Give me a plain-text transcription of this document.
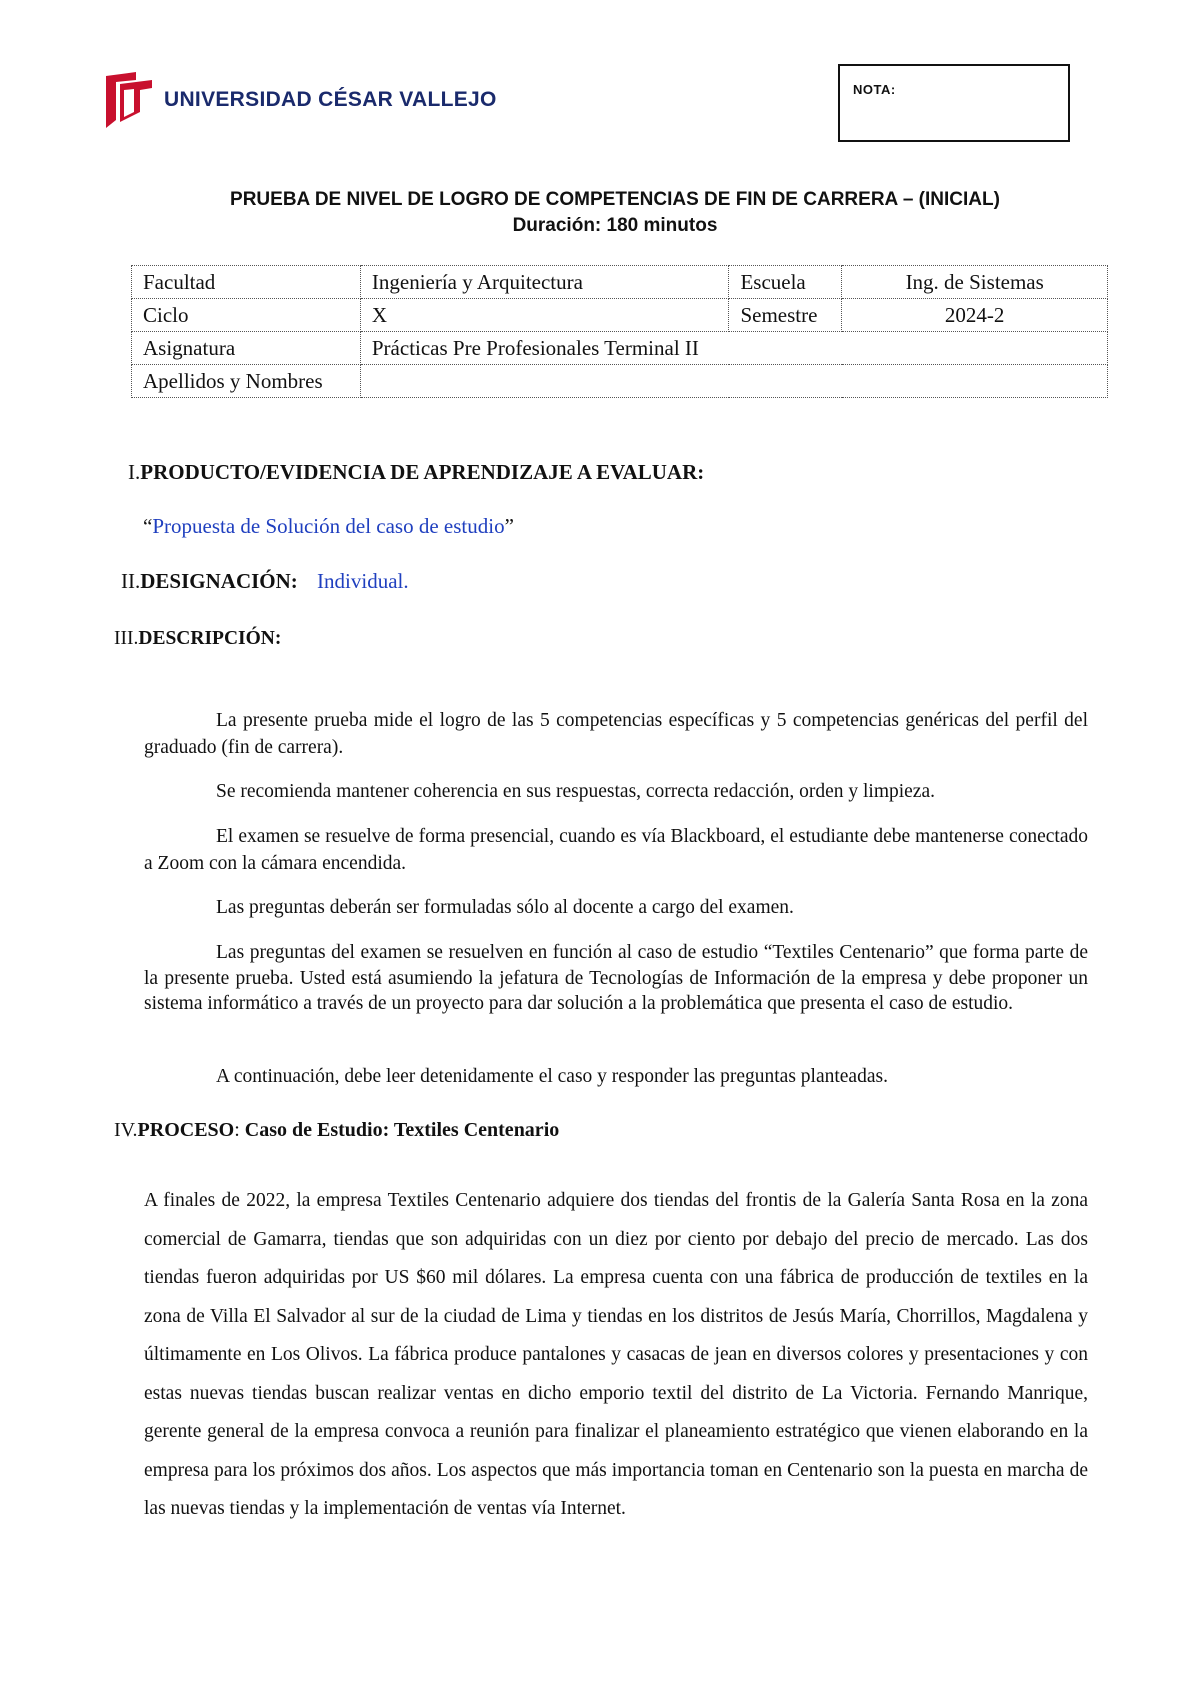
UNIVERSIDAD CÉSAR VALLEJO	NOTA:
PRUEBA DE NIVEL DE LOGRO DE COMPETENCIAS DE FIN DE CARRERA – (INICIAL)
Duración: 180 minutos
Facultad	Ingeniería y Arquitectura	Escuela	Ing. de Sistemas
Ciclo	X	Semestre	2024-2
Asignatura	Prácticas Pre Profesionales Terminal II		
Apellidos y Nombres			
I.PRODUCTO/EVIDENCIA DE APRENDIZAJE A EVALUAR:
“Propuesta de Solución del caso de estudio”
II.DESIGNACIÓN: Individual.
III.DESCRIPCIÓN:
La presente prueba mide el logro de las 5 competencias específicas y 5 competencias genéricas del perfil del graduado (fin de carrera).
Se recomienda mantener coherencia en sus respuestas, correcta redacción, orden y limpieza.
El examen se resuelve de forma presencial, cuando es vía Blackboard, el estudiante debe mantenerse conectado a Zoom con la cámara encendida.
Las preguntas deberán ser formuladas sólo al docente a cargo del examen.
Las preguntas del examen se resuelven en función al caso de estudio “Textiles Centenario” que forma parte de la presente prueba. Usted está asumiendo la jefatura de Tecnologías de Información de la empresa y debe proponer un sistema informático a través de un proyecto para dar solución a la problemática que presenta el caso de estudio.
A continuación, debe leer detenidamente el caso y responder las preguntas planteadas.
IV.PROCESO: Caso de Estudio: Textiles Centenario
A finales de 2022, la empresa Textiles Centenario adquiere dos tiendas del frontis de la Galería Santa Rosa en la zona comercial de Gamarra, tiendas que son adquiridas con un diez por ciento por debajo del precio de mercado. Las dos tiendas fueron adquiridas por US $60 mil dólares. La empresa cuenta con una fábrica de producción de textiles en la zona de Villa El Salvador al sur de la ciudad de Lima y tiendas en los distritos de Jesús María, Chorrillos, Magdalena y últimamente en Los Olivos. La fábrica produce pantalones y casacas de jean en diversos colores y presentaciones y con estas nuevas tiendas buscan realizar ventas en dicho emporio textil del distrito de La Victoria. Fernando Manrique, gerente general de la empresa convoca a reunión para finalizar el planeamiento estratégico que vienen elaborando en la empresa para los próximos dos años. Los aspectos que más importancia toman en Centenario son la puesta en marcha de las nuevas tiendas y la implementación de ventas vía Internet.
